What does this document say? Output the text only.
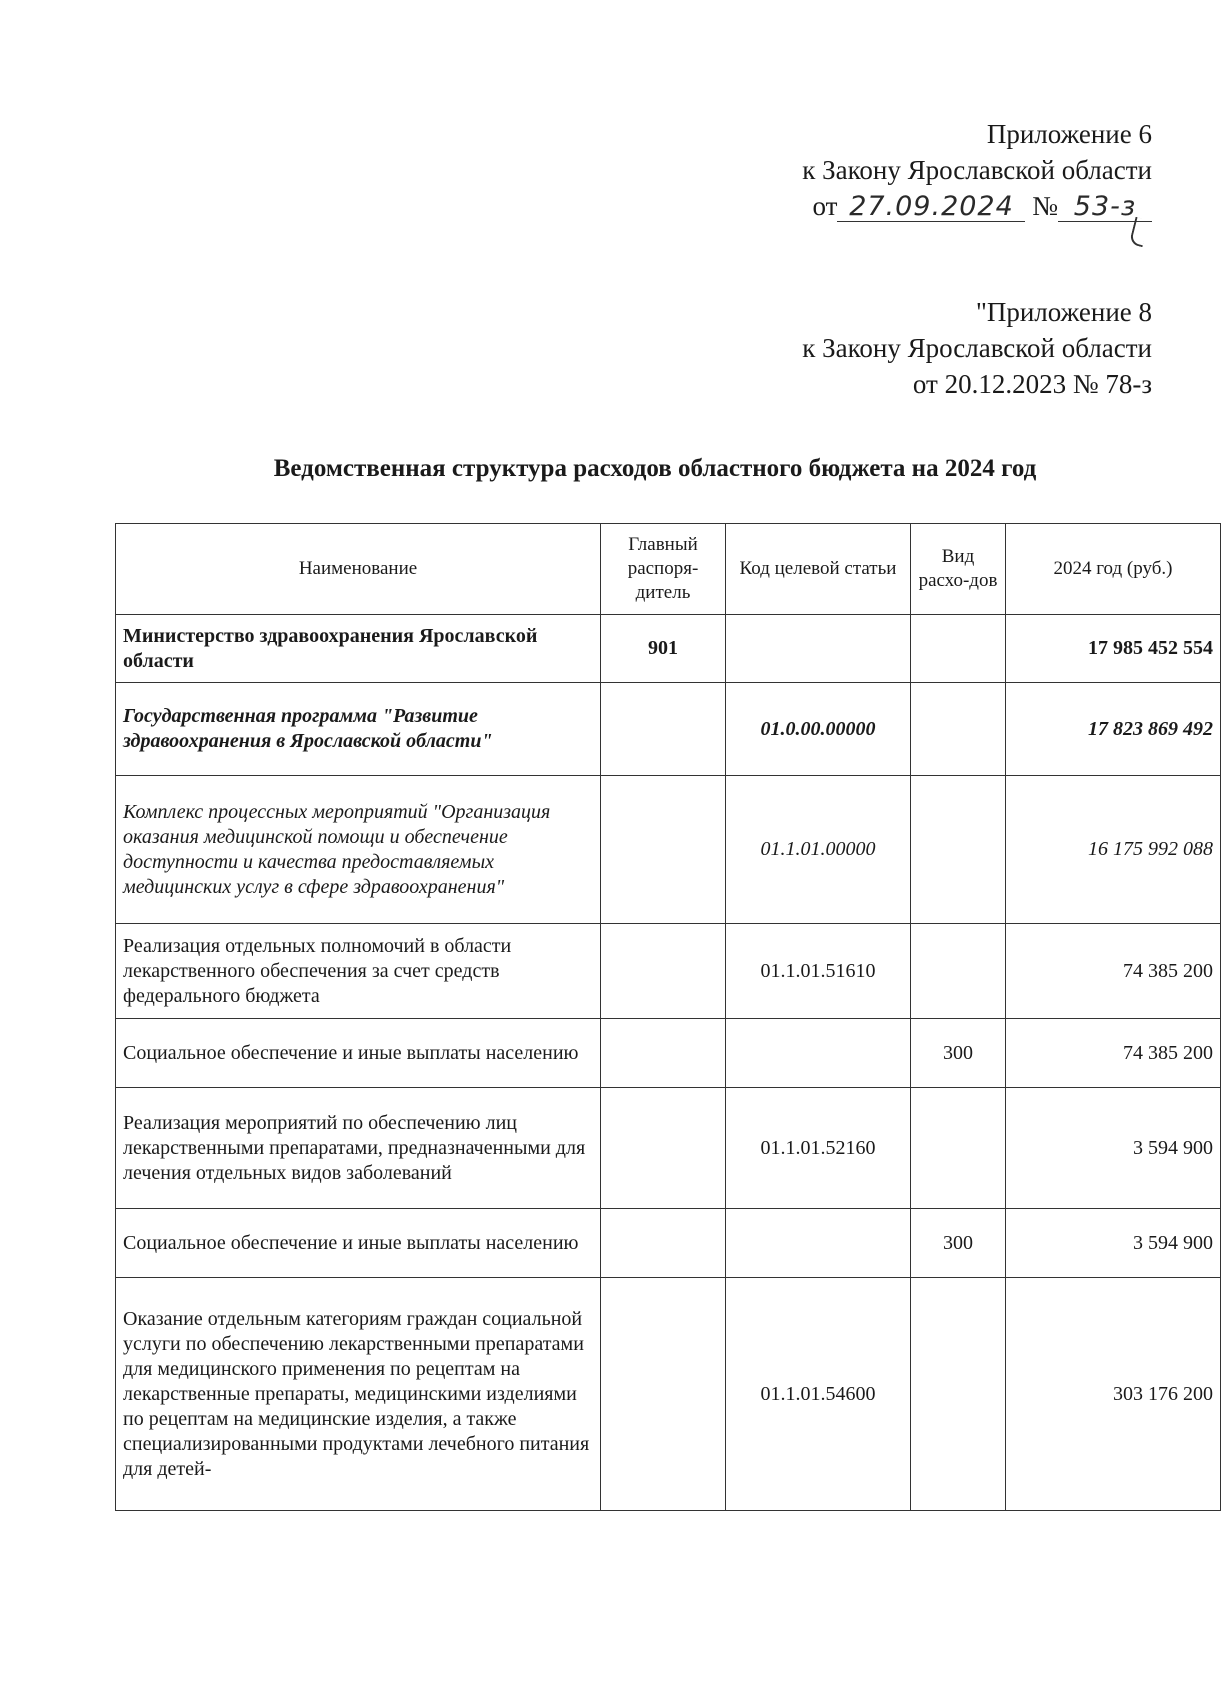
Приложение 6
к Закону Ярославской области
от 27.09.2024 № 53-з
"Приложение 8
к Закону Ярославской области
от 20.12.2023 № 78-з
Ведомственная структура расходов областного бюджета на 2024 год
Наименование	Главный распоря-дитель	Код целевой статьи	Вид расхо-дов	2024 год (руб.)
Министерство здравоохранения Ярославской области	901			17 985 452 554
Государственная программа "Развитие здравоохранения в Ярославской области"		01.0.00.00000		17 823 869 492
Комплекс процессных мероприятий "Организация оказания медицинской помощи и обеспечение доступности и качества предоставляемых медицинских услуг в сфере здравоохранения"		01.1.01.00000		16 175 992 088
Реализация отдельных полномочий в области лекарственного обеспечения за счет средств федерального бюджета		01.1.01.51610		74 385 200
Социальное обеспечение и иные выплаты населению			300	74 385 200
Реализация мероприятий по обеспечению лиц лекарственными препаратами, предназначенными для лечения отдельных видов заболеваний		01.1.01.52160		3 594 900
Социальное обеспечение и иные выплаты населению			300	3 594 900
Оказание отдельным категориям граждан социальной услуги по обеспечению лекарственными препаратами для медицинского применения по рецептам на лекарственные препараты, медицинскими изделиями по рецептам на медицинские изделия, а также специализированными продуктами лечебного питания для детей-		01.1.01.54600		303 176 200
